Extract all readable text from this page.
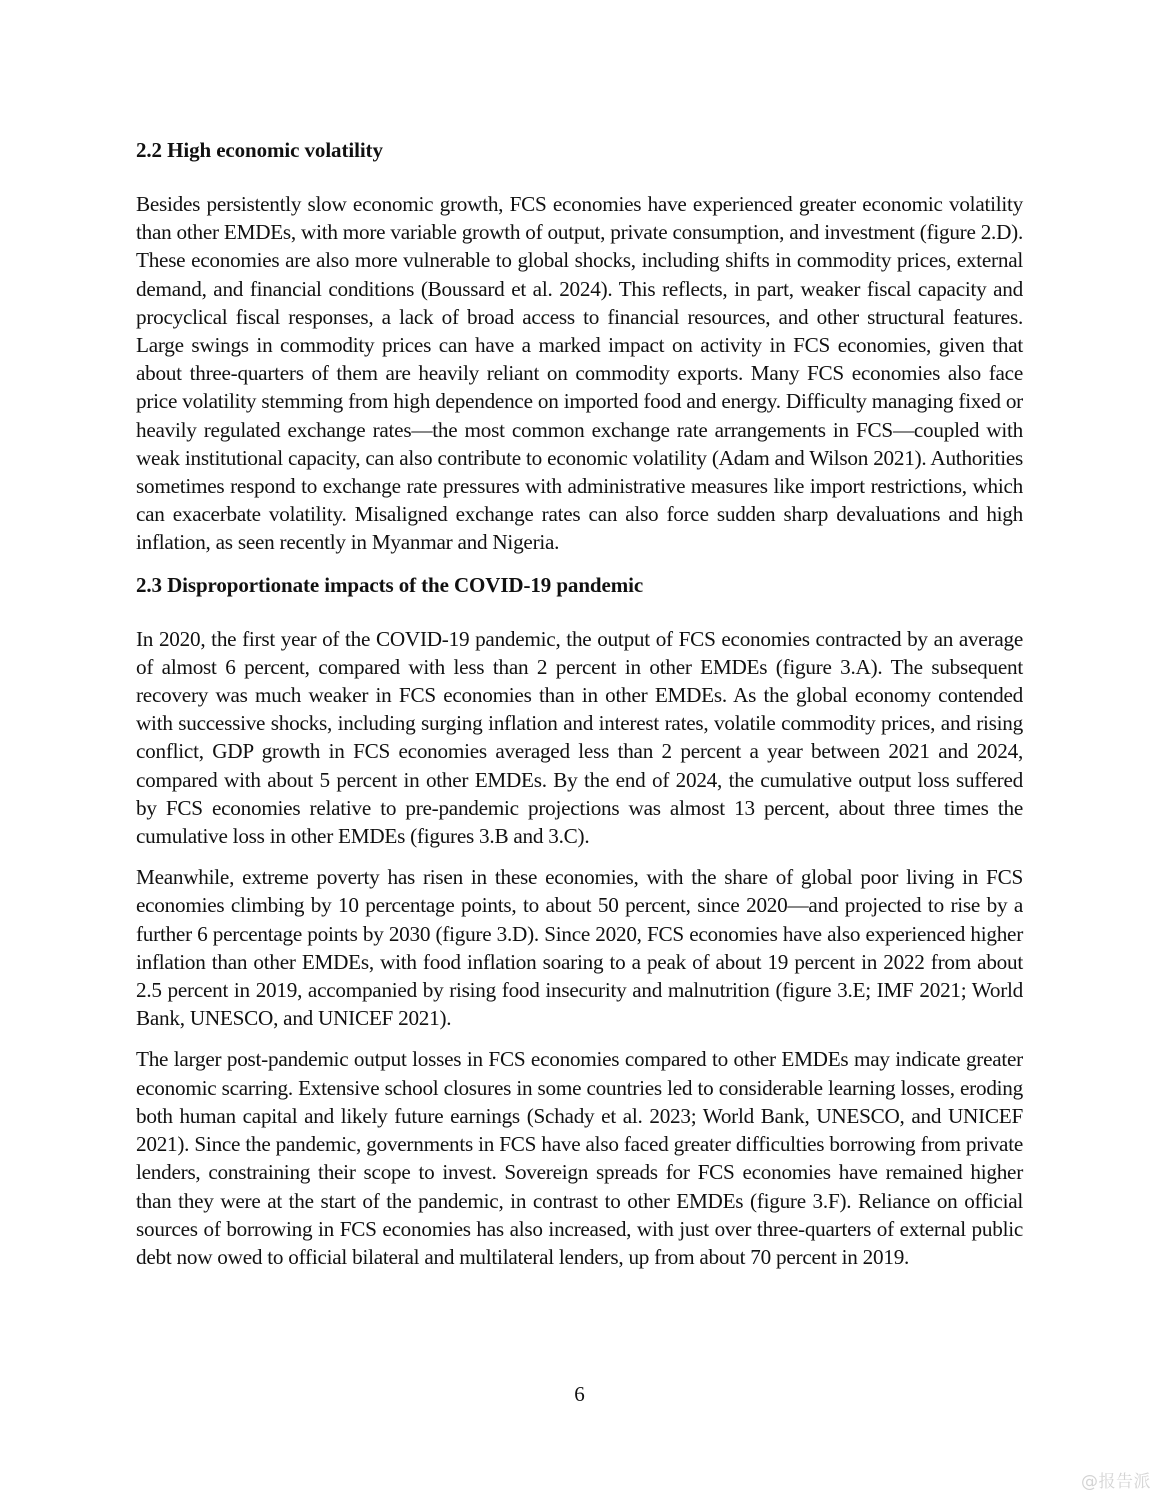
2.2 High economic volatility

Besides persistently slow economic growth, FCS economies have experienced greater economic volatility than other EMDEs, with more variable growth of output, private consumption, and investment (figure 2.D). These economies are also more vulnerable to global shocks, including shifts in commodity prices, external demand, and financial conditions (Boussard et al. 2024). This reflects, in part, weaker fiscal capacity and procyclical fiscal responses, a lack of broad access to financial resources, and other structural features. Large swings in commodity prices can have a marked impact on activity in FCS economies, given that about three-quarters of them are heavily reliant on commodity exports. Many FCS economies also face price volatility stemming from high dependence on imported food and energy. Difficulty managing fixed or heavily regulated exchange rates—the most common exchange rate arrangements in FCS—coupled with weak institutional capacity, can also contribute to economic volatility (Adam and Wilson 2021). Authorities sometimes respond to exchange rate pressures with administrative measures like import restrictions, which can exacerbate volatility. Misaligned exchange rates can also force sudden sharp devaluations and high inflation, as seen recently in Myanmar and Nigeria.

2.3 Disproportionate impacts of the COVID-19 pandemic

In 2020, the first year of the COVID-19 pandemic, the output of FCS economies contracted by an average of almost 6 percent, compared with less than 2 percent in other EMDEs (figure 3.A). The subsequent recovery was much weaker in FCS economies than in other EMDEs. As the global economy contended with successive shocks, including surging inflation and interest rates, volatile commodity prices, and rising conflict, GDP growth in FCS economies averaged less than 2 percent a year between 2021 and 2024, compared with about 5 percent in other EMDEs. By the end of 2024, the cumulative output loss suffered by FCS economies relative to pre-pandemic projections was almost 13 percent, about three times the cumulative loss in other EMDEs (figures 3.B and 3.C).

Meanwhile, extreme poverty has risen in these economies, with the share of global poor living in FCS economies climbing by 10 percentage points, to about 50 percent, since 2020—and projected to rise by a further 6 percentage points by 2030 (figure 3.D). Since 2020, FCS economies have also experienced higher inflation than other EMDEs, with food inflation soaring to a peak of about 19 percent in 2022 from about 2.5 percent in 2019, accompanied by rising food insecurity and malnutrition (figure 3.E; IMF 2021; World Bank, UNESCO, and UNICEF 2021).

The larger post-pandemic output losses in FCS economies compared to other EMDEs may indicate greater economic scarring. Extensive school closures in some countries led to considerable learning losses, eroding both human capital and likely future earnings (Schady et al. 2023; World Bank, UNESCO, and UNICEF 2021). Since the pandemic, governments in FCS have also faced greater difficulties borrowing from private lenders, constraining their scope to invest. Sovereign spreads for FCS economies have remained higher than they were at the start of the pandemic, in contrast to other EMDEs (figure 3.F). Reliance on official sources of borrowing in FCS economies has also increased, with just over three-quarters of external public debt now owed to official bilateral and multilateral lenders, up from about 70 percent in 2019.

6
@报告派
